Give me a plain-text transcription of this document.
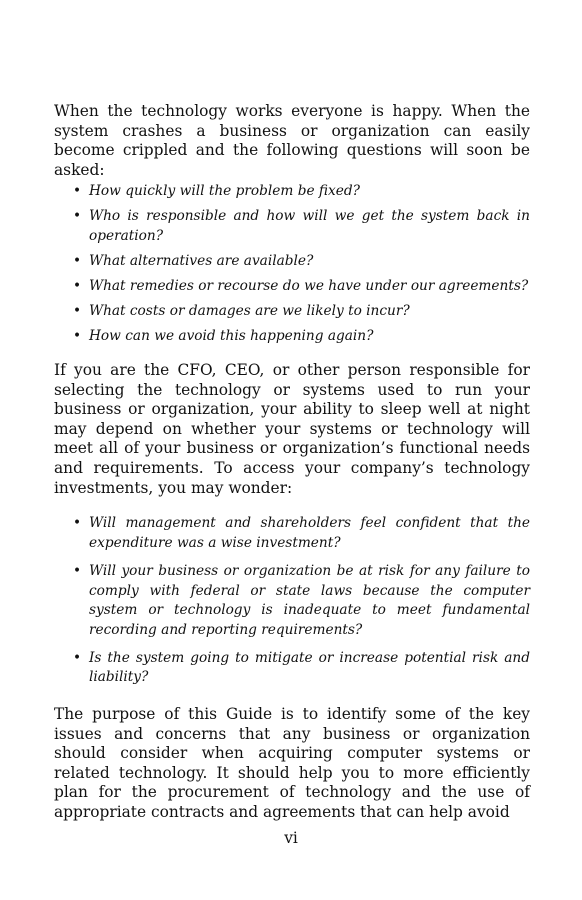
When the technology works everyone is happy. When the system crashes a business or organization can easily become crippled and the following questions will soon be asked:

• How quickly will the problem be fixed?
• Who is responsible and how will we get the system back in operation?
• What alternatives are available?
• What remedies or recourse do we have under our agreements?
• What costs or damages are we likely to incur?
• How can we avoid this happening again?

If you are the CFO, CEO, or other person responsible for selecting the technology or systems used to run your business or organization, your ability to sleep well at night may depend on whether your systems or technology will meet all of your business or organization’s functional needs and requirements. To access your company’s technology investments, you may wonder:

• Will management and shareholders feel confident that the expenditure was a wise investment?
• Will your business or organization be at risk for any failure to comply with federal or state laws because the computer system or technology is inadequate to meet fundamental recording and reporting requirements?
• Is the system going to mitigate or increase potential risk and liability?

The purpose of this Guide is to identify some of the key issues and concerns that any business or organization should consider when acquiring computer systems or related technology. It should help you to more efficiently plan for the procurement of technology and the use of appropriate contracts and agreements that can help avoid

vi
